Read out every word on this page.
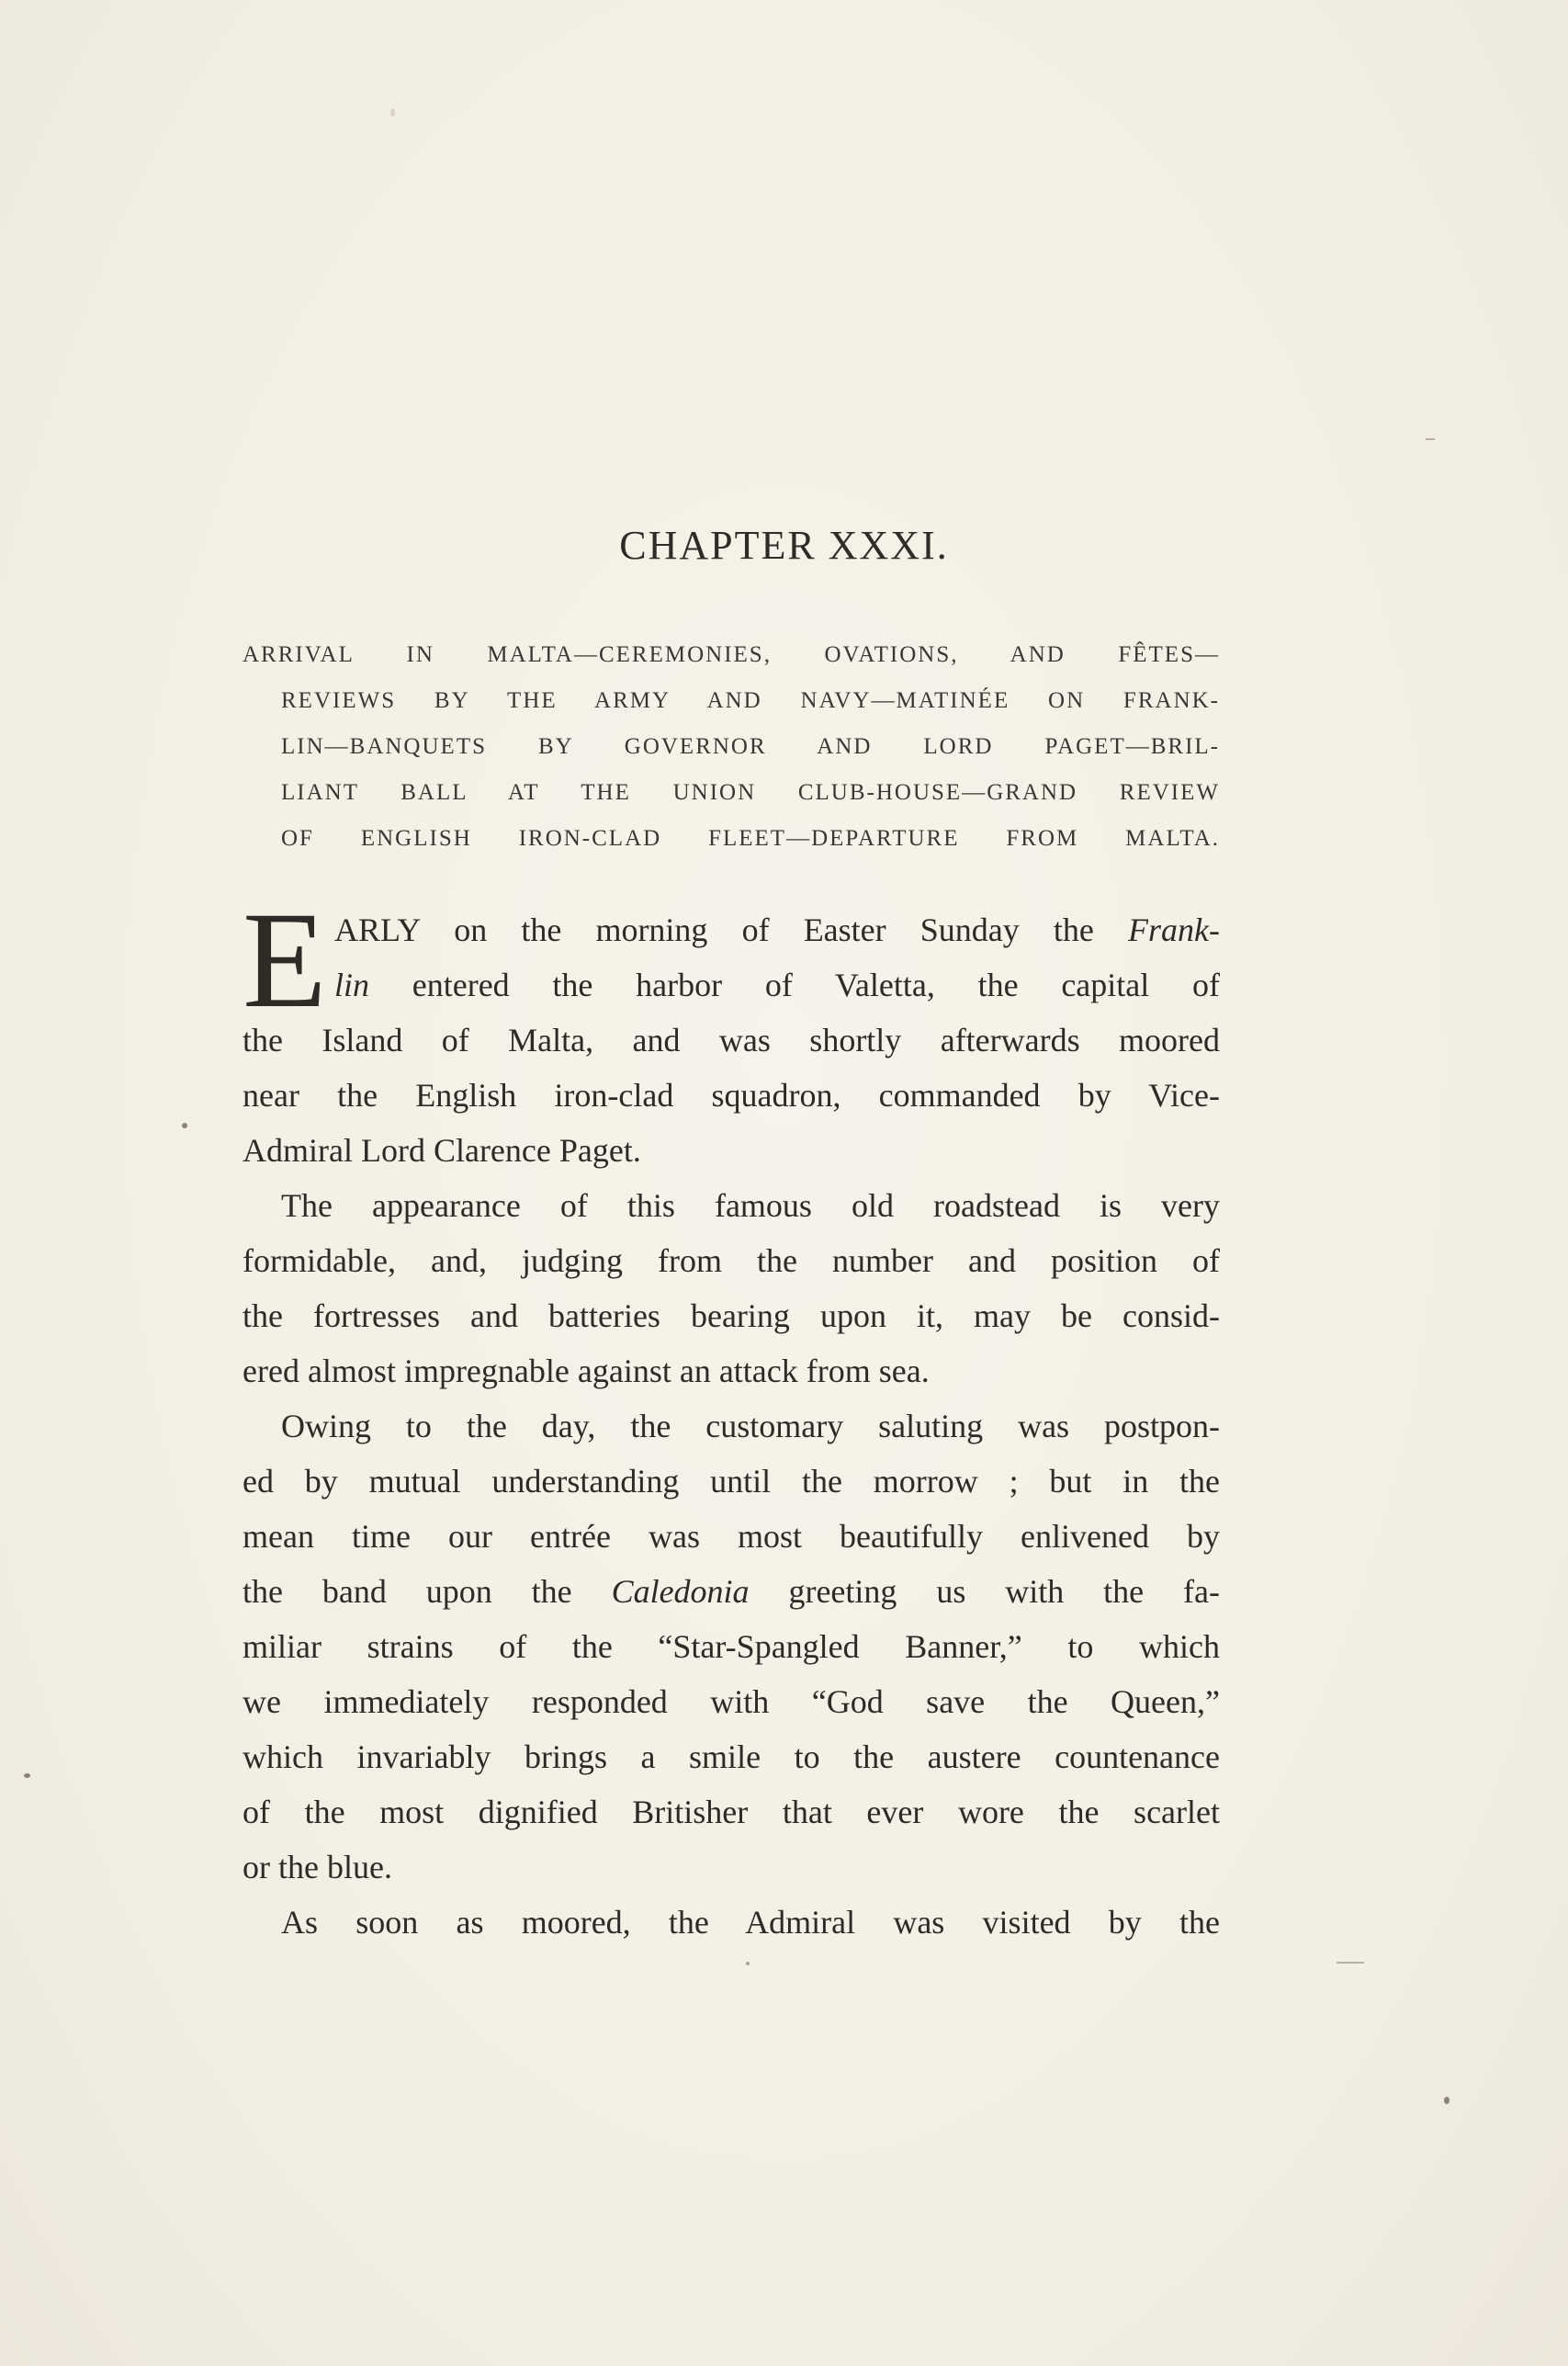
CHAPTER XXXI.
ARRIVAL IN MALTA—CEREMONIES, OVATIONS, AND FÊTES—
REVIEWS BY THE ARMY AND NAVY—MATINÉE ON FRANK-
LIN—BANQUETS BY GOVERNOR AND LORD PAGET—BRIL-
LIANT BALL AT THE UNION CLUB-HOUSE—GRAND REVIEW
OF ENGLISH IRON-CLAD FLEET—DEPARTURE FROM MALTA.
E ARLY on the morning of Easter Sunday the Frank-
lin entered the harbor of Valetta, the capital of
the Island of Malta, and was shortly afterwards moored
near the English iron-clad squadron, commanded by Vice-
Admiral Lord Clarence Paget.
The appearance of this famous old roadstead is very
formidable, and, judging from the number and position of
the fortresses and batteries bearing upon it, may be consid-
ered almost impregnable against an attack from sea.
Owing to the day, the customary saluting was postpon-
ed by mutual understanding until the morrow ; but in the
mean time our entrée was most beautifully enlivened by
the band upon the Caledonia greeting us with the fa-
miliar strains of the “Star-Spangled Banner,” to which
we immediately responded with “God save the Queen,”
which invariably brings a smile to the austere countenance
of the most dignified Britisher that ever wore the scarlet
or the blue.
As soon as moored, the Admiral was visited by the
